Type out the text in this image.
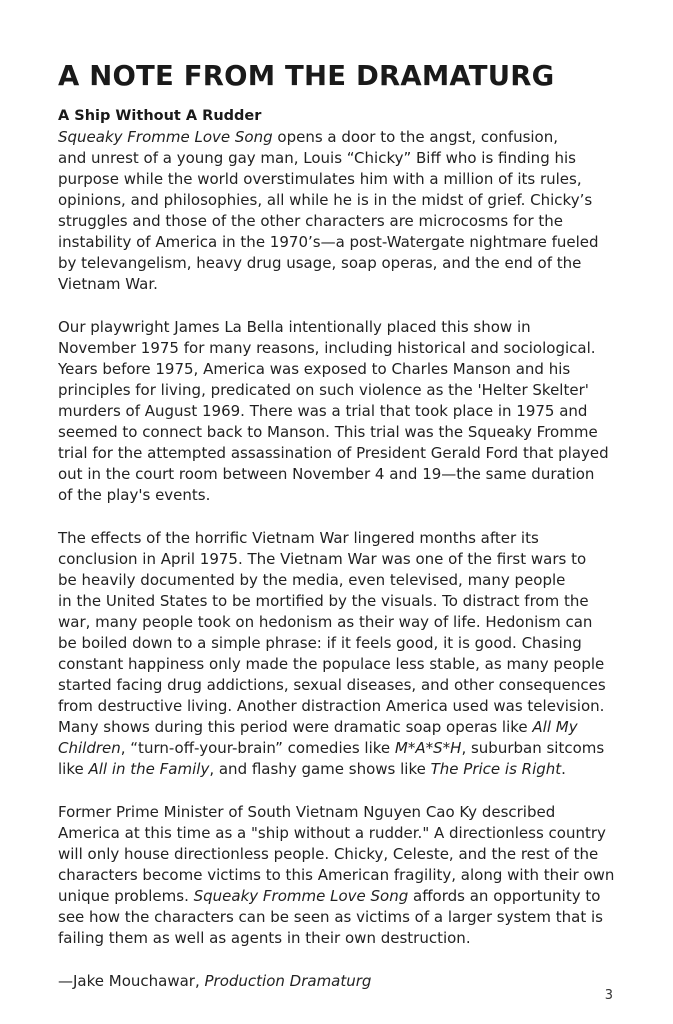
A NOTE FROM THE DRAMATURG
A Ship Without A Rudder

Squeaky Fromme Love Song opens a door to the angst, confusion,
and unrest of a young gay man, Louis “Chicky” Biff who is finding his
purpose while the world overstimulates him with a million of its rules,
opinions, and philosophies, all while he is in the midst of grief. Chicky’s
struggles and those of the other characters are microcosms for the
instability of America in the 1970’s—a post-Watergate nightmare fueled
by televangelism, heavy drug usage, soap operas, and the end of the
Vietnam War.

Our playwright James La Bella intentionally placed this show in
November 1975 for many reasons, including historical and sociological.
Years before 1975, America was exposed to Charles Manson and his
principles for living, predicated on such violence as the 'Helter Skelter'
murders of August 1969. There was a trial that took place in 1975 and
seemed to connect back to Manson. This trial was the Squeaky Fromme
trial for the attempted assassination of President Gerald Ford that played
out in the court room between November 4 and 19—the same duration
of the play's events.

The effects of the horrific Vietnam War lingered months after its
conclusion in April 1975. The Vietnam War was one of the first wars to
be heavily documented by the media, even televised, many people
in the United States to be mortified by the visuals. To distract from the
war, many people took on hedonism as their way of life. Hedonism can
be boiled down to a simple phrase: if it feels good, it is good. Chasing
constant happiness only made the populace less stable, as many people
started facing drug addictions, sexual diseases, and other consequences
from destructive living. Another distraction America used was television.
Many shows during this period were dramatic soap operas like All My
Children, “turn-off-your-brain” comedies like M*A*S*H, suburban sitcoms
like All in the Family, and flashy game shows like The Price is Right.

Former Prime Minister of South Vietnam Nguyen Cao Ky described
America at this time as a "ship without a rudder." A directionless country
will only house directionless people. Chicky, Celeste, and the rest of the
characters become victims to this American fragility, along with their own
unique problems. Squeaky Fromme Love Song affords an opportunity to
see how the characters can be seen as victims of a larger system that is
failing them as well as agents in their own destruction.

—Jake Mouchawar, Production Dramaturg

3
